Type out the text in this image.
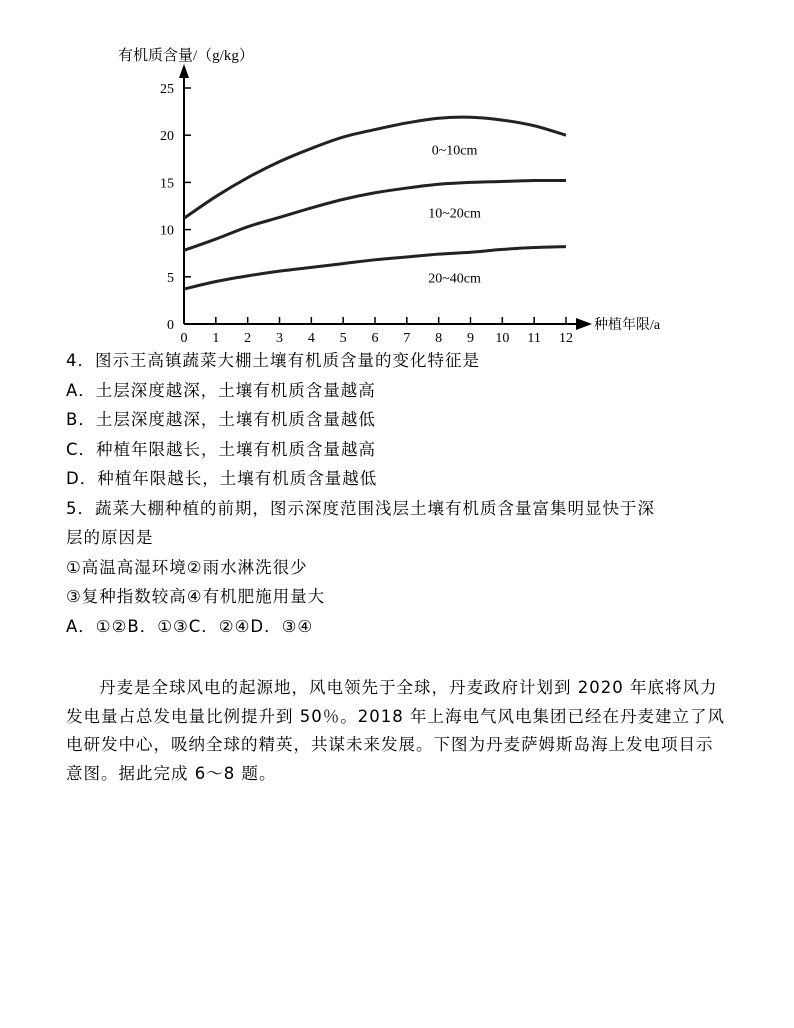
有机质含量/（g/kg）
种植年限/a
0 1 2 3 4 5 6 7 8 9 10 11 12
0
5
10
15
20
25
0~10cm
10~20cm
20~40cm
4．图示王高镇蔬菜大棚土壤有机质含量的变化特征是
A．土层深度越深，土壤有机质含量越高
B．土层深度越深，土壤有机质含量越低
C．种植年限越长，土壤有机质含量越高
D．种植年限越长，土壤有机质含量越低
5．蔬菜大棚种植的前期，图示深度范围浅层土壤有机质含量富集明显快于深
层的原因是
①高温高湿环境②雨水淋洗很少
③复种指数较高④有机肥施用量大
A．①②B．①③C．②④D．③④

丹麦是全球风电的起源地，风电领先于全球，丹麦政府计划到 2020 年底将风力发电量占总发电量比例提升到 50％。2018 年上海电气风电集团已经在丹麦建立了风电研发中心，吸纳全球的精英，共谋未来发展。下图为丹麦萨姆斯岛海上发电项目示意图。据此完成 6～8 题。
